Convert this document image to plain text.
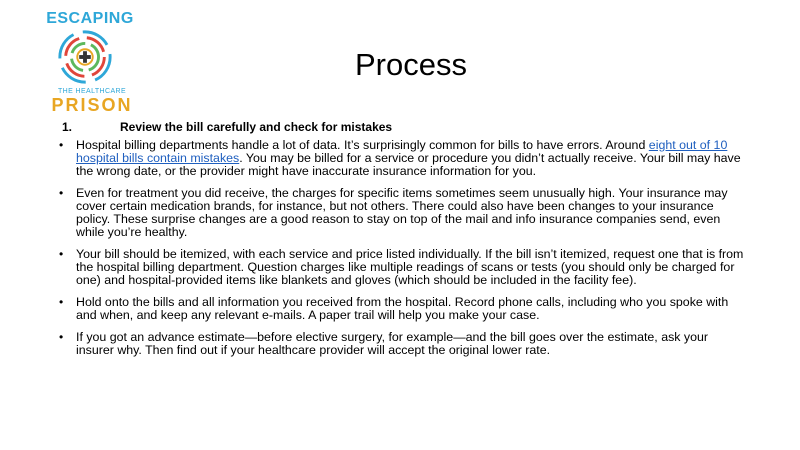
ESCAPING
THE HEALTHCARE
PRISON
Process
1.	Review the bill carefully and check for mistakes
• Hospital billing departments handle a lot of data. It’s surprisingly common for bills to have errors. Around eight out of 10 hospital bills contain mistakes. You may be billed for a service or procedure you didn’t actually receive. Your bill may have the wrong date, or the provider might have inaccurate insurance information for you.
• Even for treatment you did receive, the charges for specific items sometimes seem unusually high. Your insurance may cover certain medication brands, for instance, but not others. There could also have been changes to your insurance policy. These surprise changes are a good reason to stay on top of the mail and info insurance companies send, even while you’re healthy.
• Your bill should be itemized, with each service and price listed individually. If the bill isn’t itemized, request one that is from the hospital billing department. Question charges like multiple readings of scans or tests (you should only be charged for one) and hospital-provided items like blankets and gloves (which should be included in the facility fee).
• Hold onto the bills and all information you received from the hospital. Record phone calls, including who you spoke with and when, and keep any relevant e-mails. A paper trail will help you make your case.
• If you got an advance estimate—before elective surgery, for example—and the bill goes over the estimate, ask your insurer why. Then find out if your healthcare provider will accept the original lower rate.
